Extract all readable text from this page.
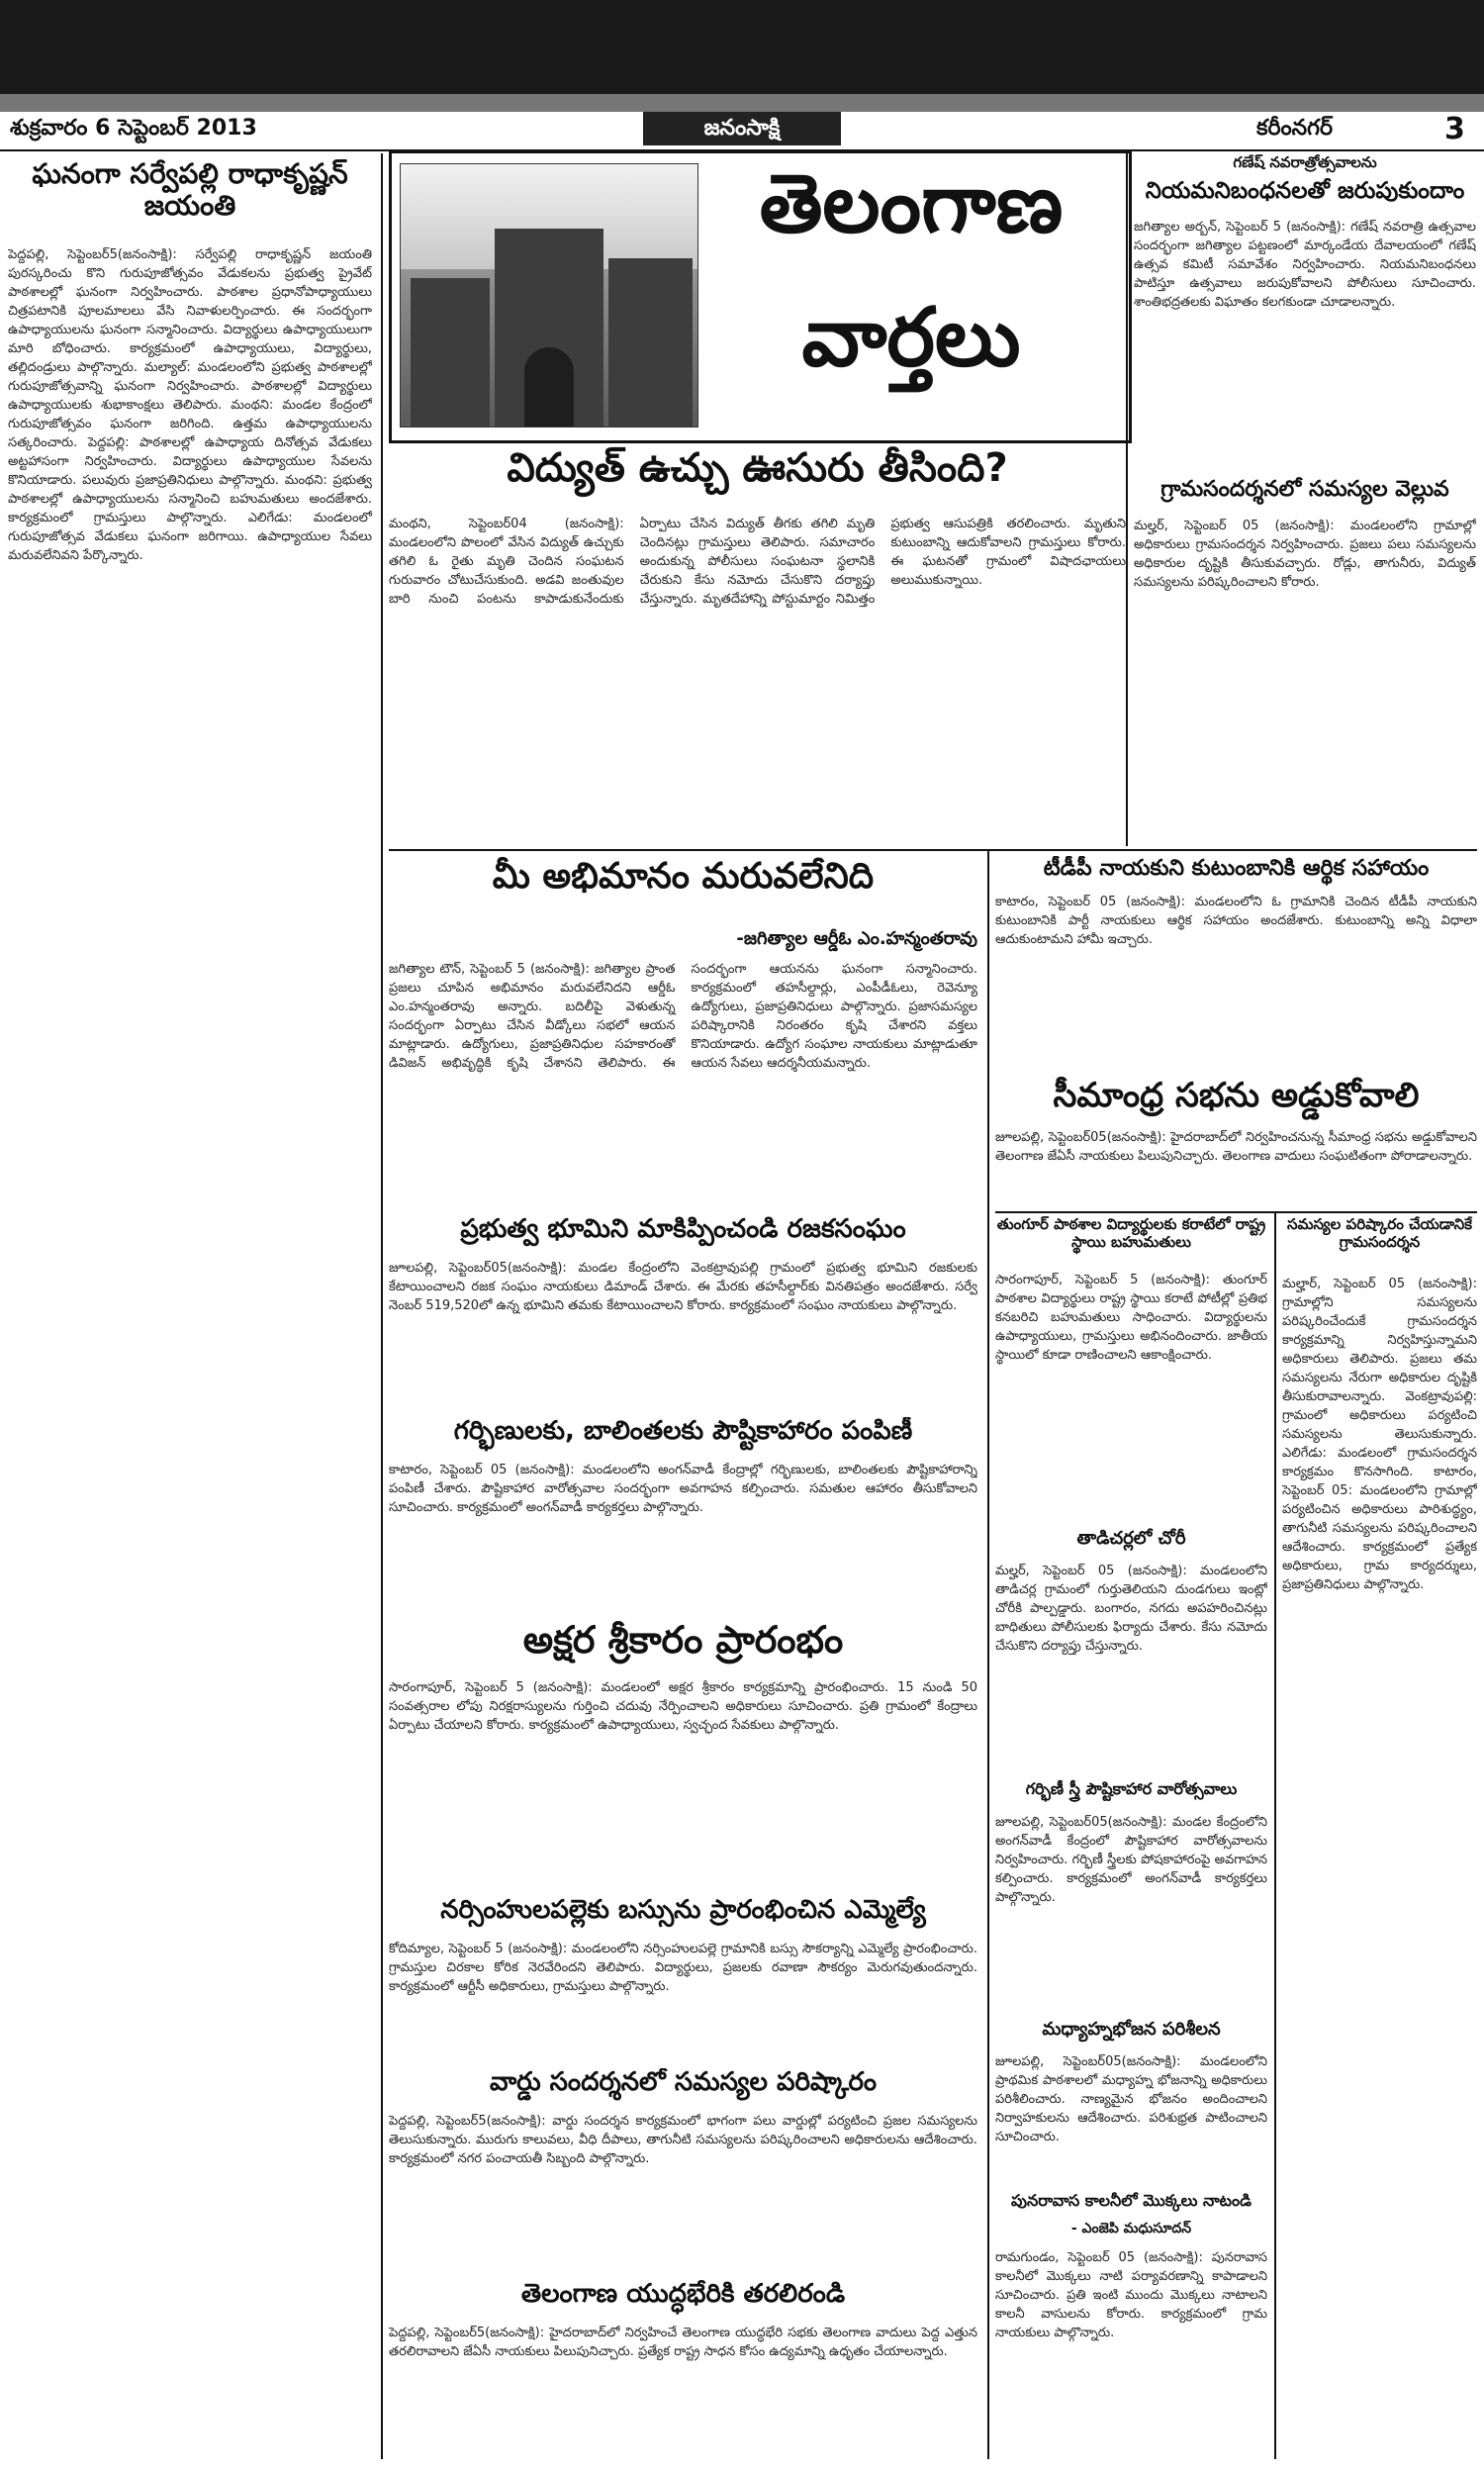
శుక్రవారం 6 సెప్టెంబర్ 2013	జనంసాక్షి	కరీంనగర్	3
ఘనంగా సర్వేపల్లి రాధాకృష్ణన్ జయంతి

పెద్దపల్లి, సెప్టెంబర్5(జనంసాక్షి): సర్వేపల్లి రాధాకృష్ణన్ జయంతి పురస్కరించు కొని గురుపూజోత్సవం వేడుకలను ప్రభుత్వ ప్రైవేట్ పాఠశాలల్లో ఘనంగా నిర్వహించారు. పాఠశాల ప్రధానోపాధ్యాయులు చిత్రపటానికి పూలమాలలు వేసి నివాళులర్పించారు. ఈ సందర్భంగా ఉపాధ్యాయులను ఘనంగా సన్మానించారు. విద్యార్థులు ఉపాధ్యాయులుగా మారి బోధించారు. కార్యక్రమంలో ఉపాధ్యాయులు, విద్యార్థులు, తల్లిదండ్రులు పాల్గొన్నారు. మల్యాల్: మండలంలోని ప్రభుత్వ పాఠశాలల్లో గురుపూజోత్సవాన్ని ఘనంగా నిర్వహించారు. పాఠశాలల్లో విద్యార్థులు ఉపాధ్యాయులకు శుభాకాంక్షలు తెలిపారు. మంథని: మండల కేంద్రంలో గురుపూజోత్సవం ఘనంగా జరిగింది. ఉత్తమ ఉపాధ్యాయులను సత్కరించారు. పెద్దపల్లి: పాఠశాలల్లో ఉపాధ్యాయ దినోత్సవ వేడుకలు అట్టహాసంగా నిర్వహించారు. విద్యార్థులు ఉపాధ్యాయుల సేవలను కొనియాడారు. పలువురు ప్రజాప్రతినిధులు పాల్గొన్నారు. మంథని: ప్రభుత్వ పాఠశాలల్లో ఉపాధ్యాయులను సన్మానించి బహుమతులు అందజేశారు. కార్యక్రమంలో గ్రామస్తులు పాల్గొన్నారు. ఎలిగేడు: మండలంలో గురుపూజోత్సవ వేడుకలు ఘనంగా జరిగాయి. ఉపాధ్యాయుల సేవలు మరువలేనివని పేర్కొన్నారు.

తెలంగాణ
వార్తలు
విద్యుత్ ఉచ్చు ఊసురు తీసింది?

మంథని, సెప్టెంబర్04 (జనంసాక్షి): మండలంలోని పొలంలో వేసిన విద్యుత్ ఉచ్చుకు తగిలి ఓ రైతు మృతి చెందిన సంఘటన గురువారం చోటుచేసుకుంది. అడవి జంతువుల బారి నుంచి పంటను కాపాడుకునేందుకు ఏర్పాటు చేసిన విద్యుత్ తీగకు తగిలి మృతి చెందినట్లు గ్రామస్తులు తెలిపారు. సమాచారం అందుకున్న పోలీసులు సంఘటనా స్థలానికి చేరుకుని కేసు నమోదు చేసుకొని దర్యాప్తు చేస్తున్నారు. మృతదేహాన్ని పోస్టుమార్టం నిమిత్తం ప్రభుత్వ ఆసుపత్రికి తరలించారు. మృతుని కుటుంబాన్ని ఆదుకోవాలని గ్రామస్తులు కోరారు. ఈ ఘటనతో గ్రామంలో విషాదఛాయలు అలుముకున్నాయి.

మీ అభిమానం మరువలేనిది
-జగిత్యాల ఆర్డీఓ ఎం.హన్మంతరావు

జగిత్యాల టౌన్, సెప్టెంబర్ 5 (జనంసాక్షి): జగిత్యాల ప్రాంత ప్రజలు చూపిన అభిమానం మరువలేనిదని ఆర్డీఓ ఎం.హన్మంతరావు అన్నారు. బదిలీపై వెళుతున్న సందర్భంగా ఏర్పాటు చేసిన వీడ్కోలు సభలో ఆయన మాట్లాడారు. ఉద్యోగులు, ప్రజాప్రతినిధుల సహకారంతో డివిజన్ అభివృద్ధికి కృషి చేశానని తెలిపారు. ఈ సందర్భంగా ఆయనను ఘనంగా సన్మానించారు. కార్యక్రమంలో తహసీల్దార్లు, ఎంపీడీఓలు, రెవెన్యూ ఉద్యోగులు, ప్రజాప్రతినిధులు పాల్గొన్నారు. ప్రజాసమస్యల పరిష్కారానికి నిరంతరం కృషి చేశారని వక్తలు కొనియాడారు. ఉద్యోగ సంఘాల నాయకులు మాట్లాడుతూ ఆయన సేవలు ఆదర్శనీయమన్నారు.

ప్రభుత్వ భూమిని మాకిప్పించండి రజకసంఘం

జూలపల్లి, సెప్టెంబర్05(జనంసాక్షి): మండల కేంద్రంలోని వెంకట్రావుపల్లి గ్రామంలో ప్రభుత్వ భూమిని రజకులకు కేటాయించాలని రజక సంఘం నాయకులు డిమాండ్ చేశారు. ఈ మేరకు తహసీల్దార్‌కు వినతిపత్రం అందజేశారు. సర్వే నెంబర్ 519,520లో ఉన్న భూమిని తమకు కేటాయించాలని కోరారు. కార్యక్రమంలో సంఘం నాయకులు పాల్గొన్నారు.

గర్భిణులకు, బాలింతలకు పౌష్టికాహారం పంపిణీ

కాటారం, సెప్టెంబర్ 05 (జనంసాక్షి): మండలంలోని అంగన్‌వాడీ కేంద్రాల్లో గర్భిణులకు, బాలింతలకు పౌష్టికాహారాన్ని పంపిణీ చేశారు. పౌష్టికాహార వారోత్సవాల సందర్భంగా అవగాహన కల్పించారు. సమతుల ఆహారం తీసుకోవాలని సూచించారు. కార్యక్రమంలో అంగన్‌వాడీ కార్యకర్తలు పాల్గొన్నారు.

అక్షర శ్రీకారం ప్రారంభం

సారంగాపూర్, సెప్టెంబర్ 5 (జనంసాక్షి): మండలంలో అక్షర శ్రీకారం కార్యక్రమాన్ని ప్రారంభించారు. 15 నుండి 50 సంవత్సరాల లోపు నిరక్షరాస్యులను గుర్తించి చదువు నేర్పించాలని అధికారులు సూచించారు. ప్రతి గ్రామంలో కేంద్రాలు ఏర్పాటు చేయాలని కోరారు. కార్యక్రమంలో ఉపాధ్యాయులు, స్వచ్ఛంద సేవకులు పాల్గొన్నారు.

నర్సింహులపల్లెకు బస్సును ప్రారంభించిన ఎమ్మెల్యే

కోదిమ్యాల, సెప్టెంబర్ 5 (జనంసాక్షి): మండలంలోని నర్సింహులపల్లె గ్రామానికి బస్సు సౌకర్యాన్ని ఎమ్మెల్యే ప్రారంభించారు. గ్రామస్తుల చిరకాల కోరిక నెరవేరిందని తెలిపారు. విద్యార్థులు, ప్రజలకు రవాణా సౌకర్యం మెరుగవుతుందన్నారు. కార్యక్రమంలో ఆర్టీసీ అధికారులు, గ్రామస్తులు పాల్గొన్నారు.

వార్డు సందర్శనలో సమస్యల పరిష్కారం

పెద్దపల్లి, సెప్టెంబర్5(జనంసాక్షి): వార్డు సందర్శన కార్యక్రమంలో భాగంగా పలు వార్డుల్లో పర్యటించి ప్రజల సమస్యలను తెలుసుకున్నారు. మురుగు కాలువలు, వీధి దీపాలు, తాగునీటి సమస్యలను పరిష్కరించాలని అధికారులను ఆదేశించారు. కార్యక్రమంలో నగర పంచాయతీ సిబ్బంది పాల్గొన్నారు.

తెలంగాణ యుద్ధభేరికి తరలిరండి

పెద్దపల్లి, సెప్టెంబర్5(జనంసాక్షి): హైదరాబాద్‌లో నిర్వహించే తెలంగాణ యుద్ధభేరి సభకు తెలంగాణ వాదులు పెద్ద ఎత్తున తరలిరావాలని జేఏసీ నాయకులు పిలుపునిచ్చారు. ప్రత్యేక రాష్ట్ర సాధన కోసం ఉద్యమాన్ని ఉధృతం చేయాలన్నారు.

తుంగూర్ పాఠశాల విద్యార్థులకు కరాటేలో రాష్ట్ర స్థాయి బహుమతులు

సారంగాపూర్, సెప్టెంబర్ 5 (జనంసాక్షి): తుంగూర్ పాఠశాల విద్యార్థులు రాష్ట్ర స్థాయి కరాటే పోటీల్లో ప్రతిభ కనబరిచి బహుమతులు సాధించారు. విద్యార్థులను ఉపాధ్యాయులు, గ్రామస్తులు అభినందించారు. జాతీయ స్థాయిలో కూడా రాణించాలని ఆకాంక్షించారు.

తాడిచర్లలో చోరీ

మల్హర్, సెప్టెంబర్ 05 (జనంసాక్షి): మండలంలోని తాడిచర్ల గ్రామంలో గుర్తుతెలియని దుండగులు ఇంట్లో చోరీకి పాల్పడ్డారు. బంగారం, నగదు అపహరించినట్లు బాధితులు పోలీసులకు ఫిర్యాదు చేశారు. కేసు నమోదు చేసుకొని దర్యాప్తు చేస్తున్నారు.

గర్భిణీ స్త్రీ పౌష్టికాహార వారోత్సవాలు

జూలపల్లి, సెప్టెంబర్05(జనంసాక్షి): మండల కేంద్రంలోని అంగన్‌వాడీ కేంద్రంలో పౌష్టికాహార వారోత్సవాలను నిర్వహించారు. గర్భిణీ స్త్రీలకు పోషకాహారంపై అవగాహన కల్పించారు. కార్యక్రమంలో అంగన్‌వాడీ కార్యకర్తలు పాల్గొన్నారు.

మధ్యాహ్నభోజన పరిశీలన

జూలపల్లి, సెప్టెంబర్05(జనంసాక్షి): మండలంలోని ప్రాథమిక పాఠశాలలో మధ్యాహ్న భోజనాన్ని అధికారులు పరిశీలించారు. నాణ్యమైన భోజనం అందించాలని నిర్వాహకులను ఆదేశించారు. పరిశుభ్రత పాటించాలని సూచించారు.

పునరావాస కాలనీలో మొక్కలు నాటండి
- ఎంజెపి మధుసూదన్

రామగుండం, సెప్టెంబర్ 05 (జనంసాక్షి): పునరావాస కాలనీలో మొక్కలు నాటి పర్యావరణాన్ని కాపాడాలని సూచించారు. ప్రతి ఇంటి ముందు మొక్కలు నాటాలని కాలనీ వాసులను కోరారు. కార్యక్రమంలో గ్రామ నాయకులు పాల్గొన్నారు.

గణేష్ నవరాత్రోత్సవాలను
నియమనిబంధనలతో జరుపుకుందాం

జగిత్యాల అర్బన్, సెప్టెంబర్ 5 (జనంసాక్షి): గణేష్ నవరాత్రి ఉత్సవాల సందర్భంగా జగిత్యాల పట్టణంలో మార్కండేయ దేవాలయంలో గణేష్ ఉత్సవ కమిటీ సమావేశం నిర్వహించారు. నియమనిబంధనలు పాటిస్తూ ఉత్సవాలు జరుపుకోవాలని పోలీసులు సూచించారు. శాంతిభద్రతలకు విఘాతం కలగకుండా చూడాలన్నారు.

గ్రామసందర్శనలో సమస్యల వెల్లువ

మల్హర్, సెప్టెంబర్ 05 (జనంసాక్షి): మండలంలోని గ్రామాల్లో అధికారులు గ్రామసందర్శన నిర్వహించారు. ప్రజలు పలు సమస్యలను అధికారుల దృష్టికి తీసుకువచ్చారు. రోడ్లు, తాగునీరు, విద్యుత్ సమస్యలను పరిష్కరించాలని కోరారు.

టీడీపీ నాయకుని కుటుంబానికి ఆర్థిక సహాయం

కాటారం, సెప్టెంబర్ 05 (జనంసాక్షి): మండలంలోని ఓ గ్రామానికి చెందిన టీడీపీ నాయకుని కుటుంబానికి పార్టీ నాయకులు ఆర్థిక సహాయం అందజేశారు. కుటుంబాన్ని అన్ని విధాలా ఆదుకుంటామని హామీ ఇచ్చారు.

సీమాంధ్ర సభను అడ్డుకోవాలి

జూలపల్లి, సెప్టెంబర్05(జనంసాక్షి): హైదరాబాద్‌లో నిర్వహించనున్న సీమాంధ్ర సభను అడ్డుకోవాలని తెలంగాణ జేఏసీ నాయకులు పిలుపునిచ్చారు. తెలంగాణ వాదులు సంఘటితంగా పోరాడాలన్నారు.

సమస్యల పరిష్కారం చేయడానికే గ్రామసందర్శన

మల్హార్, సెప్టెంబర్ 05 (జనంసాక్షి): గ్రామాల్లోని సమస్యలను పరిష్కరించేందుకే గ్రామసందర్శన కార్యక్రమాన్ని నిర్వహిస్తున్నామని అధికారులు తెలిపారు. ప్రజలు తమ సమస్యలను నేరుగా అధికారుల దృష్టికి తీసుకురావాలన్నారు. వెంకట్రావుపల్లి: గ్రామంలో అధికారులు పర్యటించి సమస్యలను తెలుసుకున్నారు. ఎలిగేడు: మండలంలో గ్రామసందర్శన కార్యక్రమం కొనసాగింది. కాటారం, సెప్టెంబర్ 05: మండలంలోని గ్రామాల్లో పర్యటించిన అధికారులు పారిశుద్ధ్యం, తాగునీటి సమస్యలను పరిష్కరించాలని ఆదేశించారు. కార్యక్రమంలో ప్రత్యేక అధికారులు, గ్రామ కార్యదర్శులు, ప్రజాప్రతినిధులు పాల్గొన్నారు.
